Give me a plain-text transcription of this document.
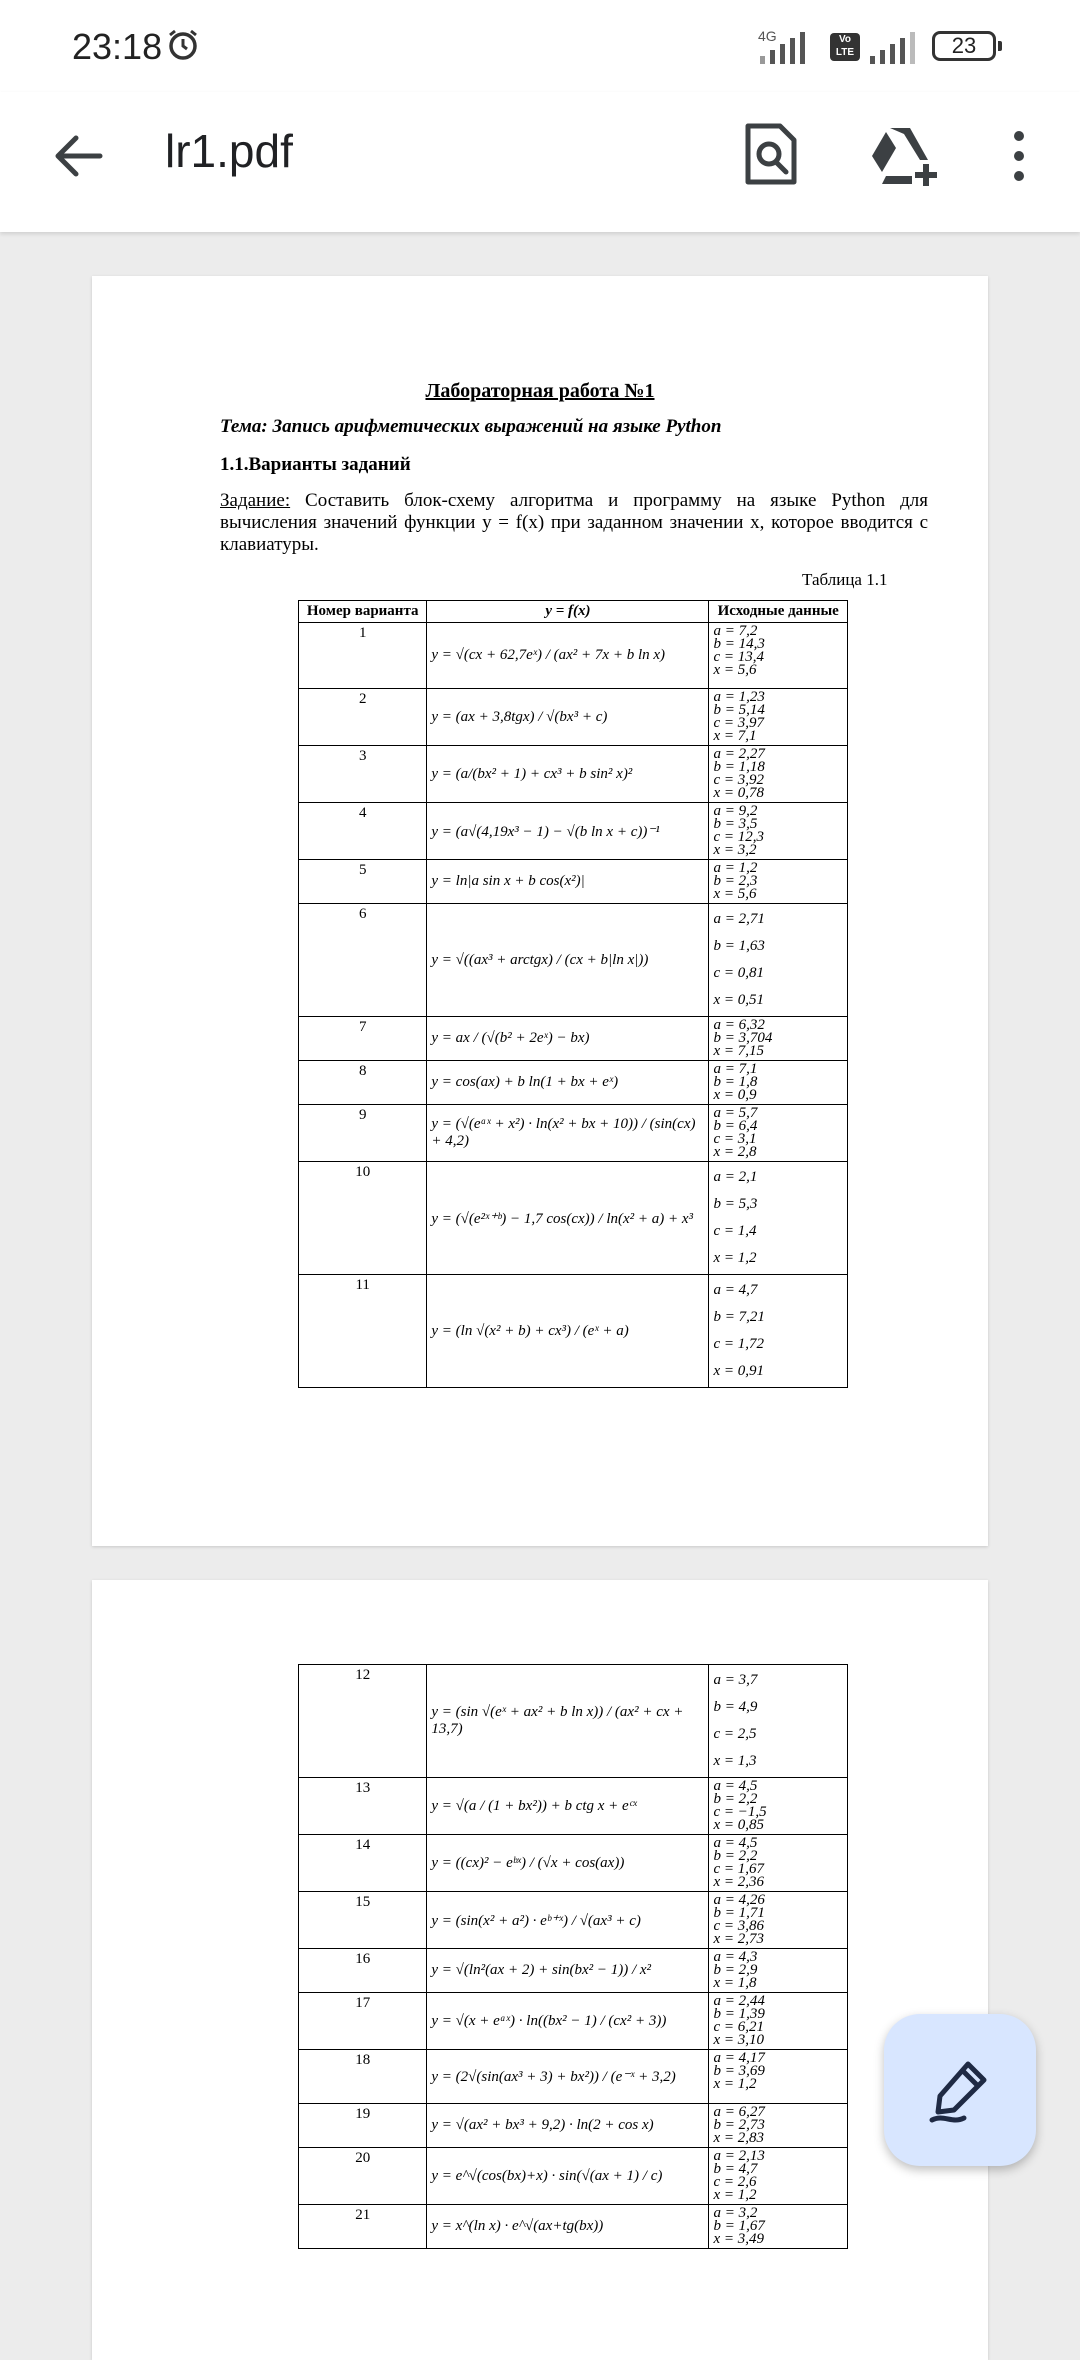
23:18	4G	Vo LTE	23
lr1.pdf
Лабораторная работа №1
Тема: Запись арифметических выражений на языке Python
1.1.Варианты заданий
Задание: Составить блок-схему алгоритма и программу на языке Python для вычисления значений функции y = f(x) при заданном значении x, которое вводится с клавиатуры.
Таблица 1.1
Номер варианта	y = f(x)	Исходные данные
1	y = √(cx + 62,7eˣ) / (ax² + 7x + b ln x)	a = 7,2
b = 14,3
c = 13,4
x = 5,6

2	y = (ax + 3,8tgx) / √(bx³ + c)	a = 1,23
b = 5,14
c = 3,97
x = 7,1

3	y = (a/(bx² + 1) + cx³ + b sin² x)²	a = 2,27
b = 1,18
c = 3,92
x = 0,78

4	y = (a√(4,19x³ − 1) − √(b ln x + c))⁻¹	a = 9,2
b = 3,5
c = 12,3
x = 3,2

5	y = ln|a sin x + b cos(x²)|	a = 1,2
b = 2,3
x = 5,6

6	y = √((ax³ + arctgx) / (cx + b|ln x|))	a = 2,71
b = 1,63
c = 0,81
x = 0,51

7	y = ax / (√(b² + 2eˣ) − bx)	a = 6,32
b = 3,704
x = 7,15

8	y = cos(ax) + b ln(1 + bx + eˣ)	a = 7,1
b = 1,8
x = 0,9

9	y = (√(eᵃˣ + x²) · ln(x² + bx + 10)) / (sin(cx) + 4,2)	a = 5,7
b = 6,4
c = 3,1
x = 2,8

10	y = (√(e²ˣ⁺ᵇ) − 1,7 cos(cx)) / ln(x² + a) + x³	a = 2,1
b = 5,3
c = 1,4
x = 1,2

11	y = (ln √(x² + b) + cx³) / (eˣ + a)	a = 4,7
b = 7,21
c = 1,72
x = 0,91
12	y = (sin √(eˣ + ax² + b ln x)) / (ax² + cx + 13,7)	a = 3,7
b = 4,9
c = 2,5
x = 1,3

13	y = √(a / (1 + bx²)) + b ctg x + eᶜˣ	a = 4,5
b = 2,2
c = −1,5
x = 0,85

14	y = ((cx)² − eᵇˣ) / (√x + cos(ax))	a = 4,5
b = 2,2
c = 1,67
x = 2,36

15	y = (sin(x² + a²) · eᵇ⁺ˣ) / √(ax³ + c)	a = 4,26
b = 1,71
c = 3,86
x = 2,73

16	y = √(ln²(ax + 2) + sin(bx² − 1)) / x²	a = 4,3
b = 2,9
x = 1,8

17	y = √(x + eᵃˣ) · ln((bx² − 1) / (cx² + 3))	a = 2,44
b = 1,39
c = 6,21
x = 3,10

18	y = (2√(sin(ax³ + 3) + bx²)) / (e⁻ˣ + 3,2)	a = 4,17
b = 3,69
x = 1,2

19	y = √(ax² + bx³ + 9,2) · ln(2 + cos x)	a = 6,27
b = 2,73
x = 2,83

20	y = e^√(cos(bx)+x) · sin(√(ax + 1) / c)	a = 2,13
b = 4,7
c = 2,6
x = 1,2

21	y = x^(ln x) · e^√(ax+tg(bx))	a = 3,2
b = 1,67
x = 3,49
